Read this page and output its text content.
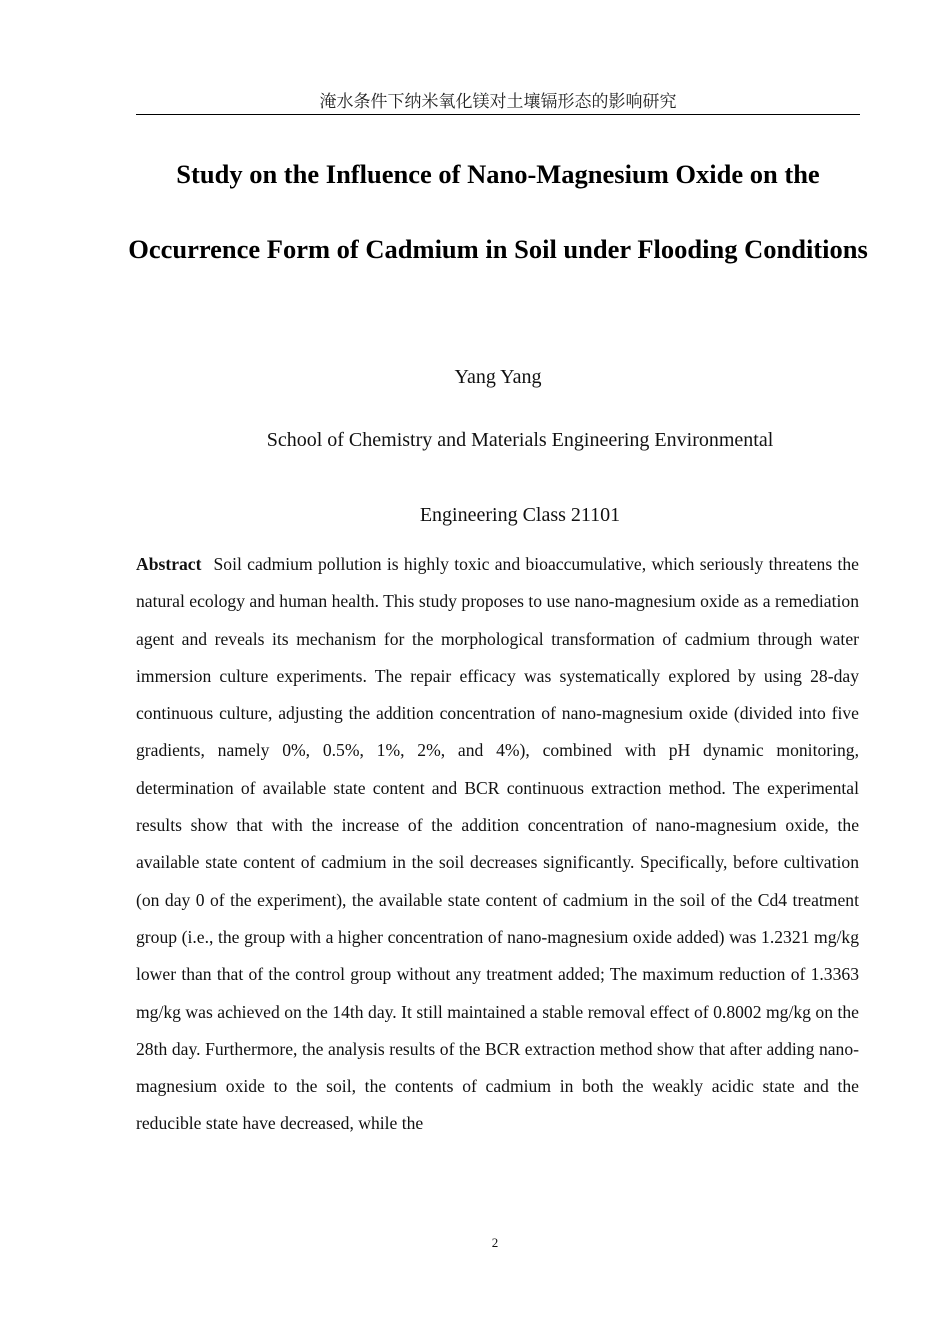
淹水条件下纳米氧化镁对土壤镉形态的影响研究
Study on the Influence of Nano-Magnesium Oxide on the Occurrence Form of Cadmium in Soil under Flooding Conditions
Yang Yang
School of Chemistry and Materials Engineering Environmental
Engineering Class 21101

Abstract Soil cadmium pollution is highly toxic and bioaccumulative, which seriously threatens the natural ecology and human health. This study proposes to use nano-magnesium oxide as a remediation agent and reveals its mechanism for the morphological transformation of cadmium through water immersion culture experiments. The repair efficacy was systematically explored by using 28-day continuous culture, adjusting the addition concentration of nano-magnesium oxide (divided into five gradients, namely 0%, 0.5%, 1%, 2%, and 4%), combined with pH dynamic monitoring, determination of available state content and BCR continuous extraction method. The experimental results show that with the increase of the addition concentration of nano-magnesium oxide, the available state content of cadmium in the soil decreases significantly. Specifically, before cultivation (on day 0 of the experiment), the available state content of cadmium in the soil of the Cd4 treatment group (i.e., the group with a higher concentration of nano-magnesium oxide added) was 1.2321 mg/kg lower than that of the control group without any treatment added; The maximum reduction of 1.3363 mg/kg was achieved on the 14th day. It still maintained a stable removal effect of 0.8002 mg/kg on the 28th day. Furthermore, the analysis results of the BCR extraction method show that after adding nano-magnesium oxide to the soil, the contents of cadmium in both the weakly acidic state and the reducible state have decreased, while the

2
